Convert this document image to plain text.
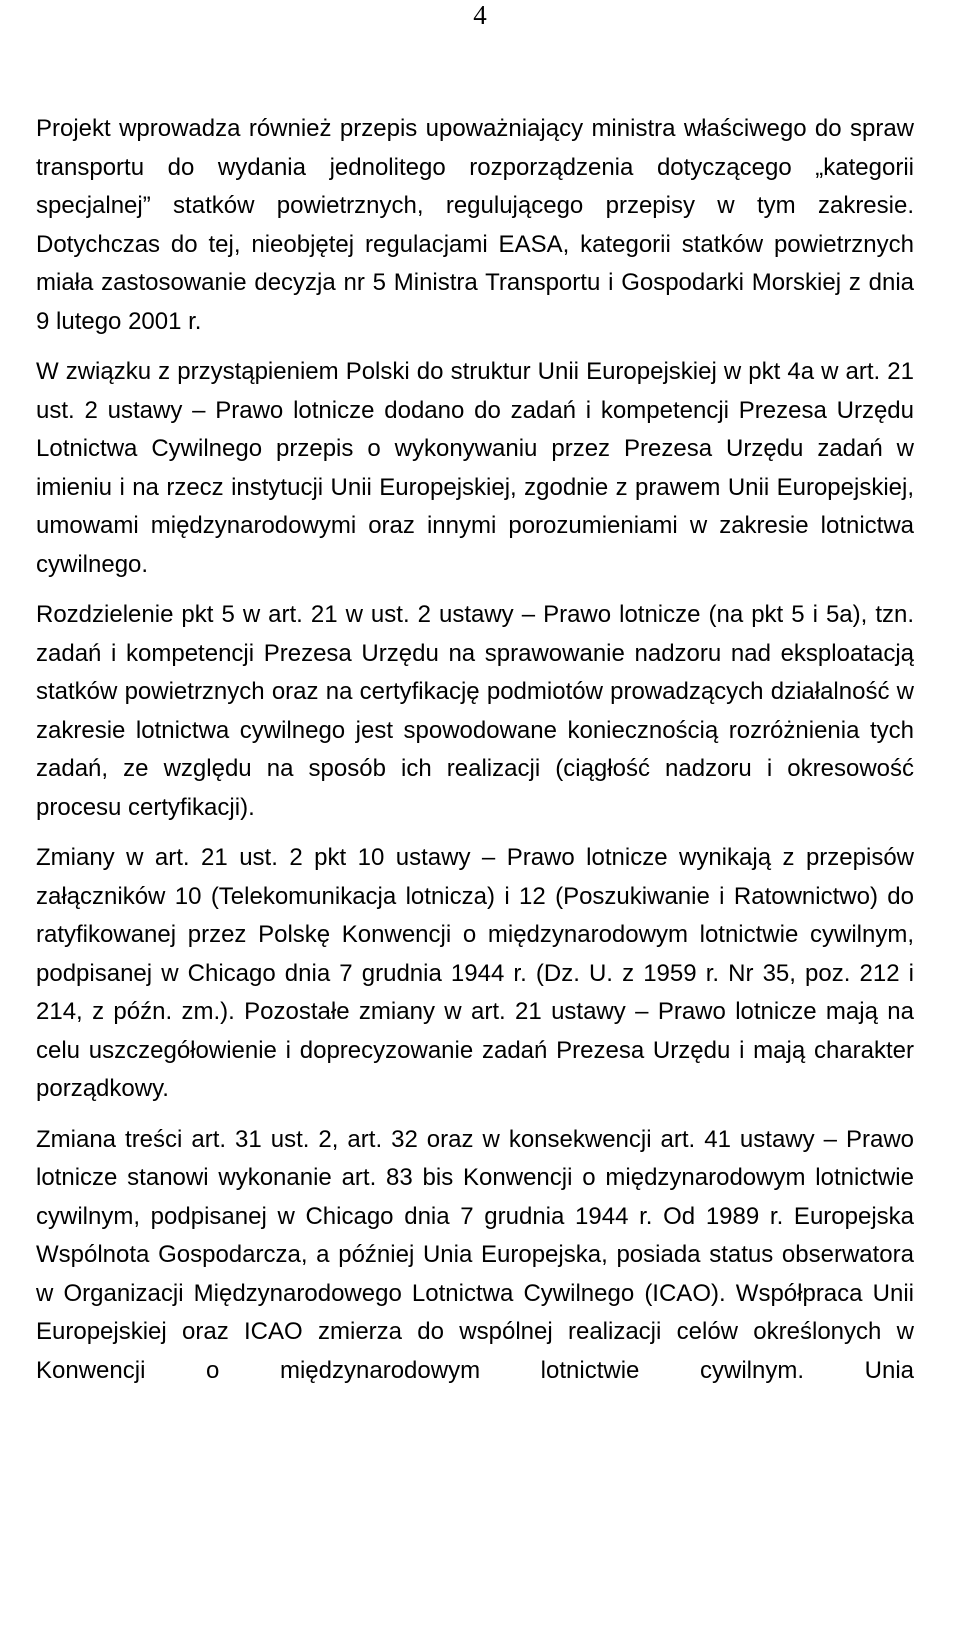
4

Projekt wprowadza również przepis upoważniający ministra właściwego do spraw transportu do wydania jednolitego rozporządzenia dotyczącego „kategorii specjalnej” statków powietrznych, regulującego przepisy w tym zakresie. Dotychczas do tej, nieobjętej regulacjami EASA, kategorii statków powietrznych miała zastosowanie decyzja nr 5 Ministra Transportu i Gospodarki Morskiej z dnia 9 lutego 2001 r.

W związku z przystąpieniem Polski do struktur Unii Europejskiej w pkt 4a w art. 21 ust. 2 ustawy – Prawo lotnicze dodano do zadań i kompetencji Prezesa Urzędu Lotnictwa Cywilnego przepis o wykonywaniu przez Prezesa Urzędu zadań w imieniu i na rzecz instytucji Unii Europejskiej, zgodnie z prawem Unii Europejskiej, umowami międzynarodowymi oraz innymi porozumieniami w zakresie lotnictwa cywilnego.

Rozdzielenie pkt 5 w art. 21 w ust. 2 ustawy – Prawo lotnicze (na pkt 5 i 5a), tzn. zadań i kompetencji Prezesa Urzędu na sprawowanie nadzoru nad eksploatacją statków powietrznych oraz na certyfikację podmiotów prowadzących działalność w zakresie lotnictwa cywilnego jest spowodowane koniecznością rozróżnienia tych zadań, ze względu na sposób ich realizacji (ciągłość nadzoru i okresowość procesu certyfikacji).

Zmiany w art. 21 ust. 2 pkt 10 ustawy – Prawo lotnicze wynikają z przepisów załączników 10 (Telekomunikacja lotnicza) i 12 (Poszukiwanie i Ratownictwo) do ratyfikowanej przez Polskę Konwencji o międzynarodowym lotnictwie cywilnym, podpisanej w Chicago dnia 7 grudnia 1944 r. (Dz. U. z 1959 r. Nr 35, poz. 212 i 214, z późn. zm.). Pozostałe zmiany w art. 21 ustawy – Prawo lotnicze mają na celu uszczegółowienie i doprecyzowanie zadań Prezesa Urzędu i mają charakter porządkowy.

Zmiana treści art. 31 ust. 2, art. 32 oraz w konsekwencji art. 41 ustawy – Prawo lotnicze stanowi wykonanie art. 83 bis Konwencji o międzynarodowym lotnictwie cywilnym, podpisanej w Chicago dnia 7 grudnia 1944 r. Od 1989 r. Europejska Wspólnota Gospodarcza, a później Unia Europejska, posiada status obserwatora w Organizacji Międzynarodowego Lotnictwa Cywilnego (ICAO). Współpraca Unii Europejskiej oraz ICAO zmierza do wspólnej realizacji celów określonych w Konwencji o międzynarodowym lotnictwie cywilnym. Unia
